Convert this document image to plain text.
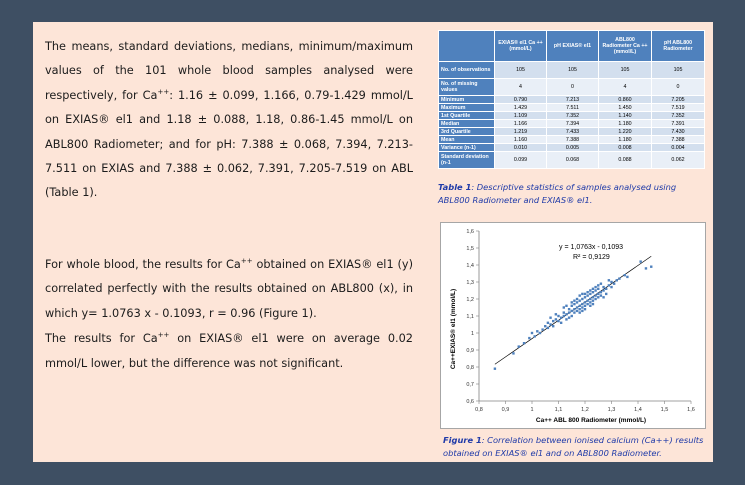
The means, standard deviations, medians, minimum/maximum values of the 101 whole blood samples analysed were respectively, for Ca++: 1.16 ± 0.099, 1.166, 0.79-1.429 mmol/L on EXIAS® el1 and 1.18 ± 0.088, 1.18, 0.86-1.45 mmol/L on ABL800 Radiometer; and for pH: 7.388 ± 0.068, 7.394, 7.213-7.511 on EXIAS and 7.388 ± 0.062, 7.391, 7.205-7.519 on ABL (Table 1).

For whole blood, the results for Ca++ obtained on EXIAS® el1 (y) correlated perfectly with the results obtained on ABL800 (x), in which y= 1.0763 x - 0.1093, r = 0.96 (Figure 1).

The results for Ca++ on EXIAS® el1 were on average 0.02 mmol/L lower, but the difference was not significant.

	EXIAS® el1 Ca ++ (mmol/L)	pH EXIAS® el1	ABL800 Radiometer Ca ++ (mmol/L)	pH ABL800 Radiometer
No. of observations	105	105	105	105
No. of missing values	4	0	4	0
Minimum	0.790	7.213	0.860	7.205
Maximum	1.429	7.511	1.450	7.519
1st Quartile	1.109	7.352	1.140	7.352
Median	1.166	7.394	1.180	7.391
3rd Quartile	1.219	7.433	1.220	7.430
Mean	1.160	7.388	1.180	7.388
Variance (n-1)	0.010	0.005	0.008	0.004
Standard deviation (n-1	0.099	0.068	0.088	0.062
Table 1: Descriptive statistics of samples analysed using ABL800 Radiometer and EXIAS® el1.
0,8	0,9	1	1,1	1,2	1,3	1,4	1,5	1,6
0,6
0,7
0,8
0,9
1
1,1
1,2
1,3
1,4
1,5
1,6
y = 1,0763x - 0,1093
R² = 0,9129
Ca++ ABL 800 Radiometer (mmol/L)
Ca++EXIAS® el1 (mmol/L)
Figure 1: Correlation between ionised calcium (Ca++) results obtained on EXIAS® el1 and on ABL800 Radiometer.
